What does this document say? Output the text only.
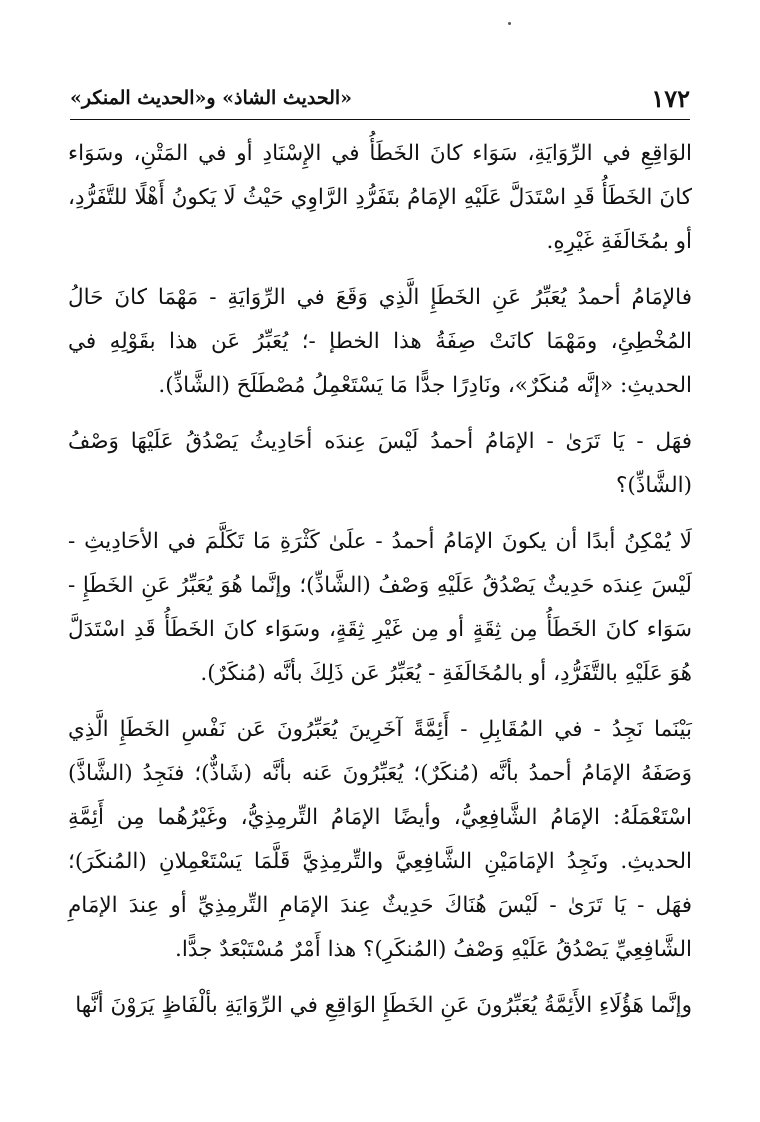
١٧٢
«الحديث الشاذ» و«الحديث المنكر»

الوَاقِعِ في الرِّوَايَةِ، سَوَاء كانَ الخَطَأُ في الإِسْنَادِ أو في المَتْنِ، وسَوَاء كانَ الخَطَأُ قَدِ اسْتَدَلَّ عَلَيْهِ الإمَامُ بتَفَرُّدِ الرَّاوِي حَيْثُ لَا يَكونُ أَهْلًا للتَّفَرُّدِ، أو بمُخَالَفَةِ غَيْرِهِ.

فالإمَامُ أحمدُ يُعَبِّرُ عَنِ الخَطَإِ الَّذِي وَقَعَ في الرِّوَايَةِ - مَهْمَا كانَ حَالُ المُخْطِئِ، ومَهْمَا كانَتْ صِفَةُ هذا الخطإ -؛ يُعَبِّرُ عَن هذا بقَوْلِهِ في الحديثِ: «إنَّه مُنكَرٌ»، ونَادِرًا جدًّا مَا يَسْتَعْمِلُ مُصْطَلَحَ (الشَّاذِّ).

فهَل - يَا تَرَىٰ - الإمَامُ أحمدُ لَيْسَ عِندَه أحَادِيثُ يَصْدُقُ عَلَيْهَا وَصْفُ (الشَّاذِّ)؟

لَا يُمْكِنُ أبدًا أن يكونَ الإمَامُ أحمدُ - علَىٰ كَثْرَةِ مَا تَكَلَّمَ في الأحَادِيثِ - لَيْسَ عِندَه حَدِيثٌ يَصْدُقُ عَلَيْهِ وَصْفُ (الشَّاذِّ)؛ وإنَّما هُوَ يُعَبِّرُ عَنِ الخَطَإِ - سَوَاء كانَ الخَطَأُ مِن ثِقَةٍ أو مِن غَيْرِ ثِقَةٍ، وسَوَاء كانَ الخَطَأُ قَدِ اسْتَدَلَّ هُوَ عَلَيْهِ بالتَّفَرُّدِ، أو بالمُخَالَفَةِ - يُعَبِّرُ عَن ذَلِكَ بأنَّه (مُنكَرٌ).

بَيْنَما نَجِدُ - في المُقَابِلِ - أَئِمَّةً آخَرِينَ يُعَبِّرُونَ عَن نَفْسِ الخَطَإِ الَّذِي وَصَفَهُ الإمَامُ أحمدُ بأنَّه (مُنكَرٌ)؛ يُعَبِّرُونَ عَنه بأنَّه (شَاذٌّ)؛ فنَجِدُ (الشَّاذَّ) اسْتَعْمَلَهُ: الإمَامُ الشَّافِعِيُّ، وأيضًا الإمَامُ التِّرمِذِيُّ، وغَيْرُهُما مِن أَئِمَّةِ الحديثِ. ونَجِدُ الإمَامَيْنِ الشَّافِعِيَّ والتِّرمِذِيَّ قَلَّمَا يَسْتَعْمِلانِ (المُنكَرَ)؛ فهَل - يَا تَرَىٰ - لَيْسَ هُنَاكَ حَدِيثٌ عِندَ الإمَامِ التِّرمِذِيِّ أو عِندَ الإمَامِ الشَّافِعِيِّ يَصْدُقُ عَلَيْهِ وَصْفُ (المُنكَرِ)؟ هذا أَمْرٌ مُسْتَبْعَدٌ جدًّا.

وإنَّما هَؤُلَاءِ الأَئِمَّةُ يُعَبِّرُونَ عَنِ الخَطَإِ الوَاقِعِ في الرِّوَايَةِ بألْفَاظٍ يَرَوْنَ أنَّها
